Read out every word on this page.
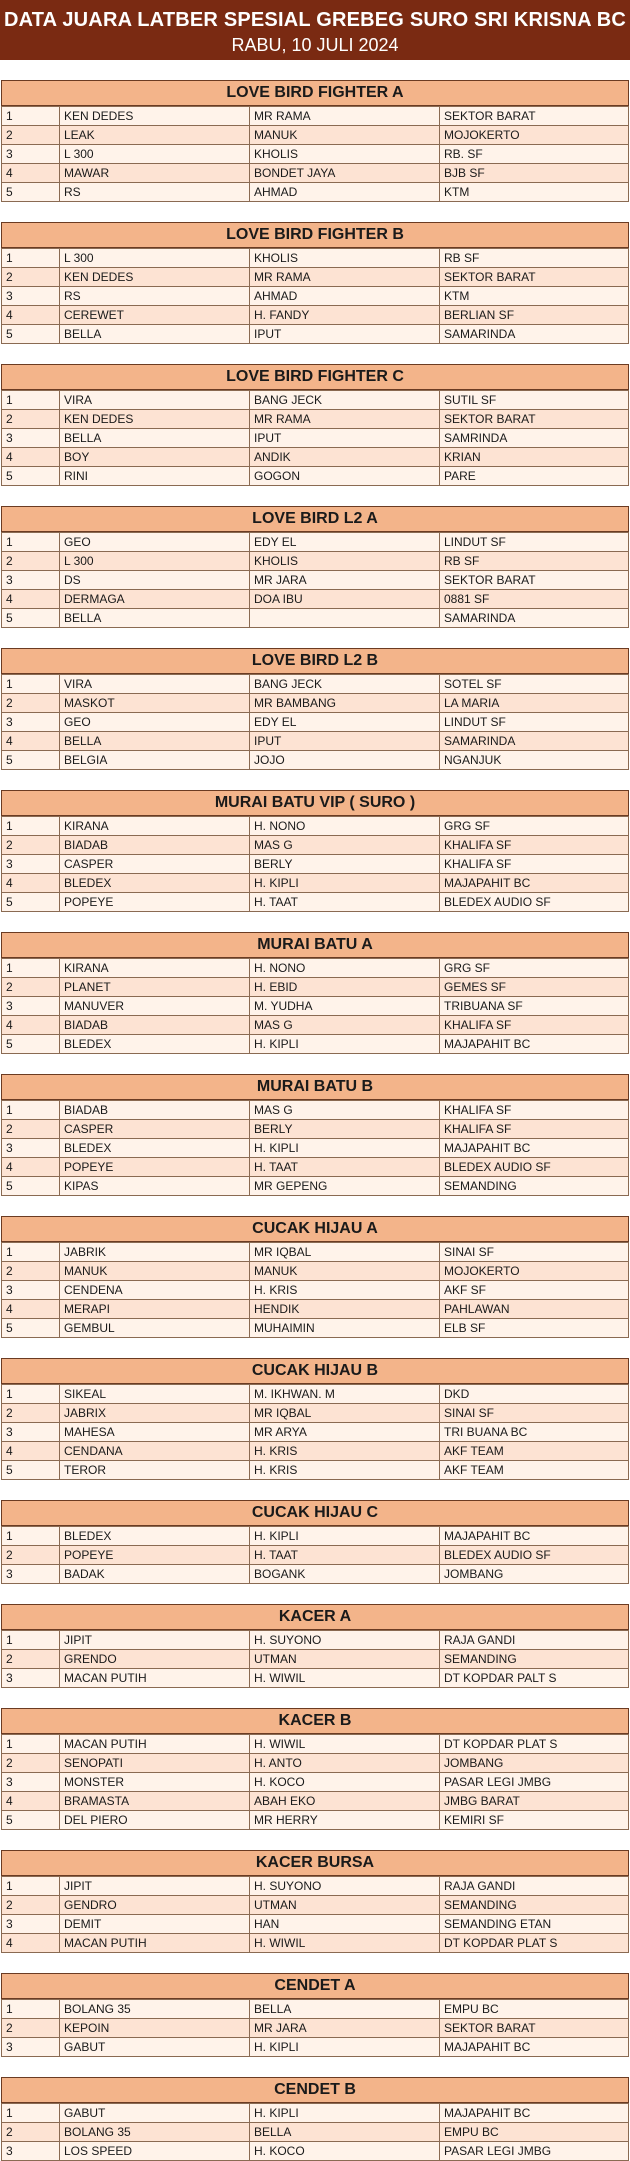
DATA JUARA LATBER SPESIAL GREBEG SURO SRI KRISNA BC
RABU, 10 JULI 2024
LOVE BIRD FIGHTER A
1	KEN DEDES	MR RAMA	SEKTOR BARAT
2	LEAK	MANUK	MOJOKERTO
3	L 300	KHOLIS	RB. SF
4	MAWAR	BONDET JAYA	BJB SF
5	RS	AHMAD	KTM
LOVE BIRD FIGHTER B
1	L 300	KHOLIS	RB SF
2	KEN DEDES	MR RAMA	SEKTOR BARAT
3	RS	AHMAD	KTM
4	CEREWET	H. FANDY	BERLIAN SF
5	BELLA	IPUT	SAMARINDA
LOVE BIRD FIGHTER C
1	VIRA	BANG JECK	SUTIL SF
2	KEN DEDES	MR RAMA	SEKTOR BARAT
3	BELLA	IPUT	SAMRINDA
4	BOY	ANDIK	KRIAN
5	RINI	GOGON	PARE
LOVE BIRD L2 A
1	GEO	EDY EL	LINDUT SF
2	L 300	KHOLIS	RB SF
3	DS	MR JARA	SEKTOR BARAT
4	DERMAGA	DOA IBU	0881 SF
5	BELLA		SAMARINDA
LOVE BIRD L2 B
1	VIRA	BANG JECK	SOTEL SF
2	MASKOT	MR BAMBANG	LA MARIA
3	GEO	EDY EL	LINDUT SF
4	BELLA	IPUT	SAMARINDA
5	BELGIA	JOJO	NGANJUK
MURAI BATU VIP ( SURO )
1	KIRANA	H. NONO	GRG SF
2	BIADAB	MAS G	KHALIFA SF
3	CASPER	BERLY	KHALIFA SF
4	BLEDEX	H. KIPLI	MAJAPAHIT BC
5	POPEYE	H. TAAT	BLEDEX AUDIO SF
MURAI BATU A
1	KIRANA	H. NONO	GRG SF
2	PLANET	H. EBID	GEMES SF
3	MANUVER	M. YUDHA	TRIBUANA SF
4	BIADAB	MAS G	KHALIFA SF
5	BLEDEX	H. KIPLI	MAJAPAHIT BC
MURAI BATU B
1	BIADAB	MAS G	KHALIFA SF
2	CASPER	BERLY	KHALIFA SF
3	BLEDEX	H. KIPLI	MAJAPAHIT BC
4	POPEYE	H. TAAT	BLEDEX AUDIO SF
5	KIPAS	MR GEPENG	SEMANDING
CUCAK HIJAU A
1	JABRIK	MR IQBAL	SINAI SF
2	MANUK	MANUK	MOJOKERTO
3	CENDENA	H. KRIS	AKF SF
4	MERAPI	HENDIK	PAHLAWAN
5	GEMBUL	MUHAIMIN	ELB SF
CUCAK HIJAU B
1	SIKEAL	M. IKHWAN. M	DKD
2	JABRIX	MR IQBAL	SINAI SF
3	MAHESA	MR ARYA	TRI BUANA BC
4	CENDANA	H. KRIS	AKF TEAM
5	TEROR	H. KRIS	AKF TEAM
CUCAK HIJAU C
1	BLEDEX	H. KIPLI	MAJAPAHIT BC
2	POPEYE	H. TAAT	BLEDEX AUDIO SF
3	BADAK	BOGANK	JOMBANG
KACER A
1	JIPIT	H. SUYONO	RAJA GANDI
2	GRENDO	UTMAN	SEMANDING
3	MACAN PUTIH	H. WIWIL	DT KOPDAR PALT S
KACER B
1	MACAN PUTIH	H. WIWIL	DT KOPDAR PLAT S
2	SENOPATI	H. ANTO	JOMBANG
3	MONSTER	H. KOCO	PASAR LEGI JMBG
4	BRAMASTA	ABAH EKO	JMBG BARAT
5	DEL PIERO	MR HERRY	KEMIRI SF
KACER BURSA
1	JIPIT	H. SUYONO	RAJA GANDI
2	GENDRO	UTMAN	SEMANDING
3	DEMIT	HAN	SEMANDING ETAN
4	MACAN PUTIH	H. WIWIL	DT KOPDAR PLAT S
CENDET A
1	BOLANG 35	BELLA	EMPU BC
2	KEPOIN	MR JARA	SEKTOR BARAT
3	GABUT	H. KIPLI	MAJAPAHIT BC
CENDET B
1	GABUT	H. KIPLI	MAJAPAHIT BC
2	BOLANG 35	BELLA	EMPU BC
3	LOS SPEED	H. KOCO	PASAR LEGI JMBG
